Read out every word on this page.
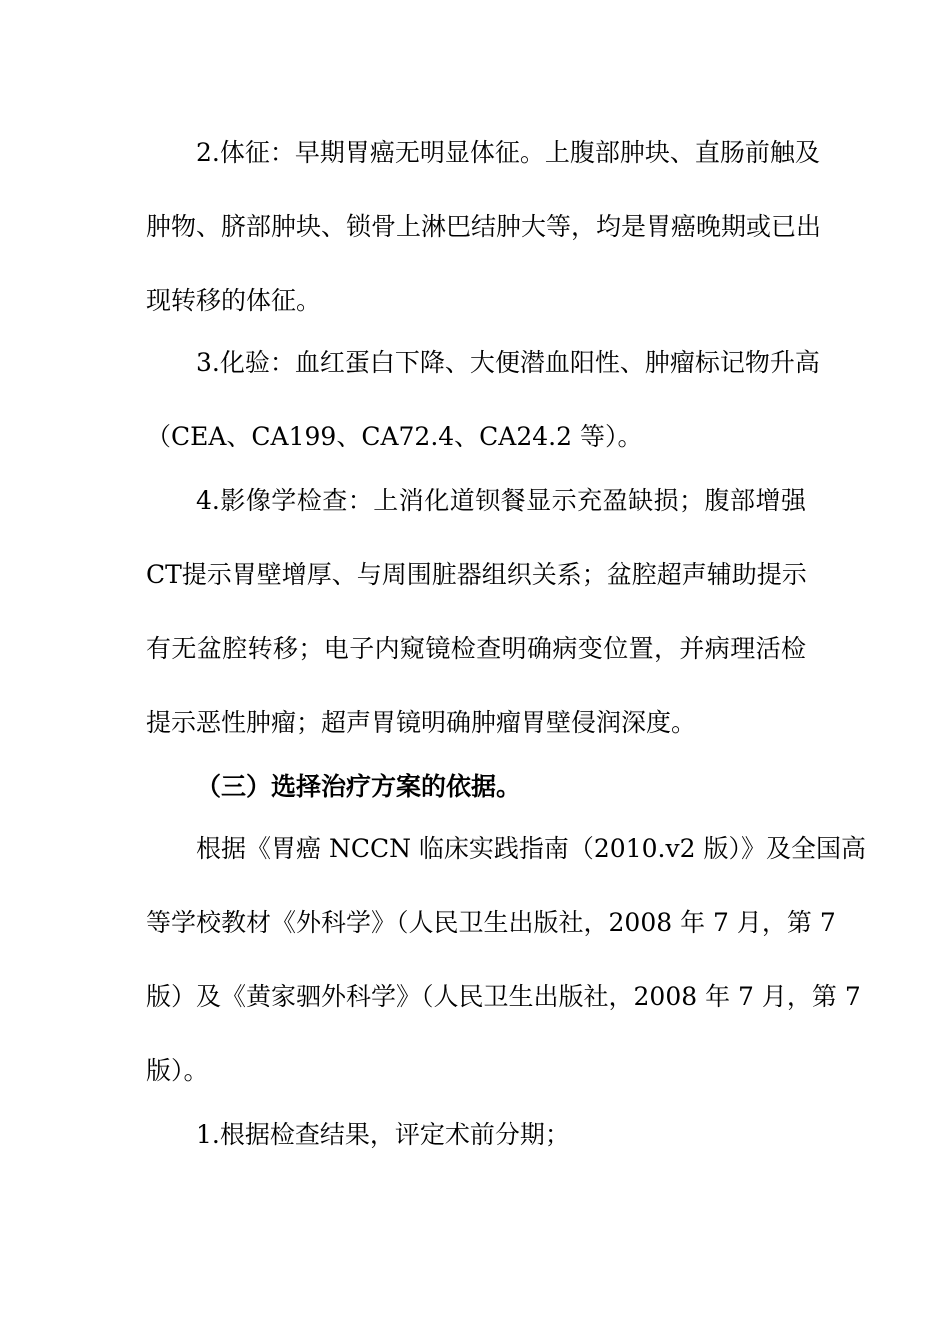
2.体征：早期胃癌无明显体征。上腹部肿块、直肠前触及
肿物、脐部肿块、锁骨上淋巴结肿大等，均是胃癌晚期或已出
现转移的体征。
3.化验：血红蛋白下降、大便潜血阳性、肿瘤标记物升高
（CEA、CA199、CA72.4、CA24.2 等）。
4.影像学检查：上消化道钡餐显示充盈缺损；腹部增强
CT提示胃壁增厚、与周围脏器组织关系；盆腔超声辅助提示
有无盆腔转移；电子内窥镜检查明确病变位置，并病理活检
提示恶性肿瘤；超声胃镜明确肿瘤胃壁侵润深度。
（三）选择治疗方案的依据。
根据《胃癌 NCCN 临床实践指南（2010.v2 版）》及全国高
等学校教材《外科学》（人民卫生出版社，2008 年 7 月，第 7
版）及《黄家驷外科学》（人民卫生出版社，2008 年 7 月，第 7
版）。
1.根据检查结果，评定术前分期；
